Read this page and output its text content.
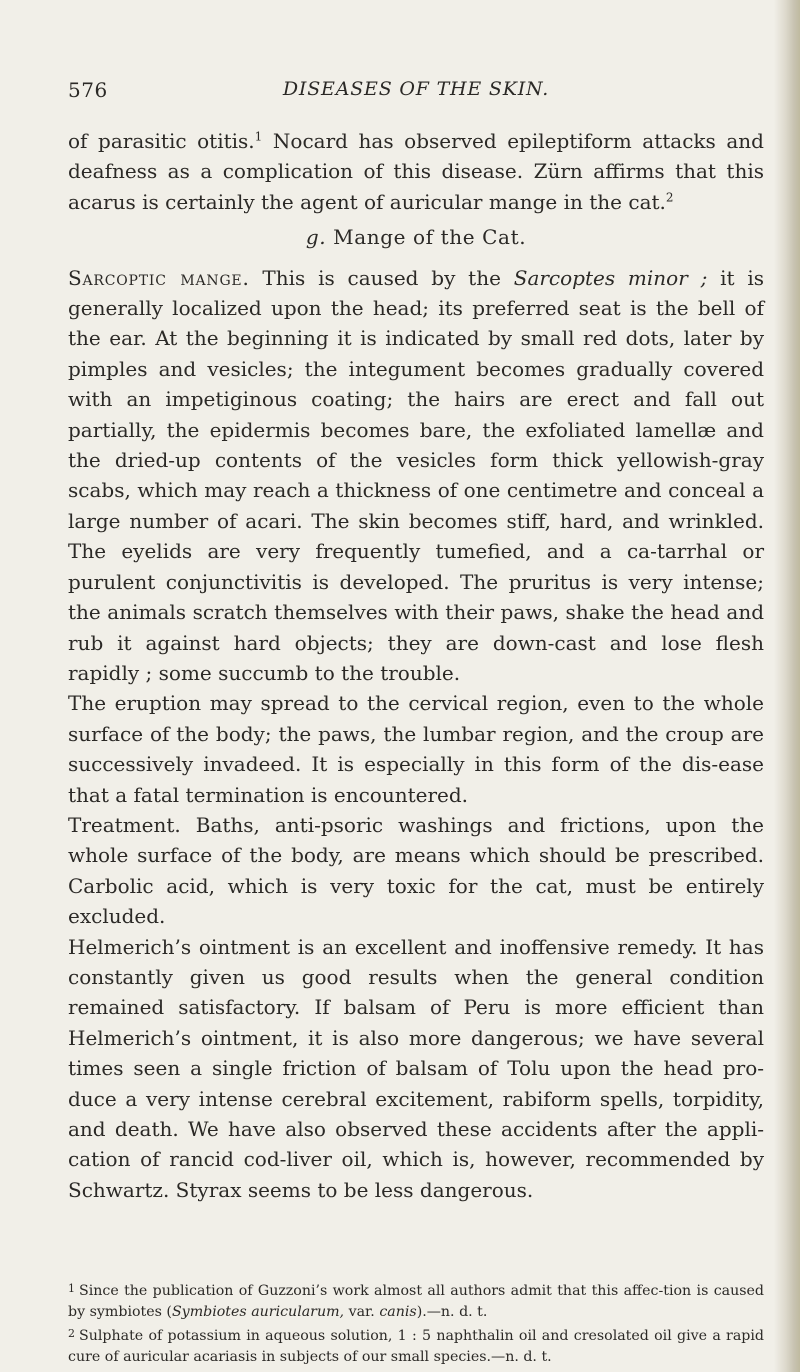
576	DISEASES OF THE SKIN.

of parasitic otitis.$^1$ Nocard has observed epileptiform attacks and deafness as a complication of this disease. Zürn affirms that this acarus is certainly the agent of auricular mange in the cat.$^2$

g. Mange of the Cat.

Sarcoptic mange. This is caused by the Sarcoptes minor ; it is generally localized upon the head; its preferred seat is the bell of the ear. At the beginning it is indicated by small red dots, later by pimples and vesicles; the integument becomes gradually covered with an impetiginous coating; the hairs are erect and fall out partially, the epidermis becomes bare, the exfoliated lamellæ and the dried-up contents of the vesicles form thick yellowish-gray scabs, which may reach a thickness of one centimetre and conceal a large number of acari. The skin becomes stiff, hard, and wrinkled. The eyelids are very frequently tumefied, and a ca-tarrhal or purulent conjunctivitis is developed. The pruritus is very intense; the animals scratch themselves with their paws, shake the head and rub it against hard objects; they are down-cast and lose flesh rapidly ; some succumb to the trouble.

The eruption may spread to the cervical region, even to the whole surface of the body; the paws, the lumbar region, and the croup are successively invadeed. It is especially in this form of the dis-ease that a fatal termination is encountered.

Treatment. Baths, anti-psoric washings and frictions, upon the whole surface of the body, are means which should be prescribed. Carbolic acid, which is very toxic for the cat, must be entirely excluded.

Helmerich’s ointment is an excellent and inoffensive remedy. It has constantly given us good results when the general condition remained satisfactory. If balsam of Peru is more efficient than Helmerich’s ointment, it is also more dangerous; we have several times seen a single friction of balsam of Tolu upon the head pro-duce a very intense cerebral excitement, rabiform spells, torpidity, and death. We have also observed these accidents after the appli-cation of rancid cod-liver oil, which is, however, recommended by Schwartz. Styrax seems to be less dangerous.

$^1$ Since the publication of Guzzoni’s work almost all authors admit that this affec-tion is caused by symbiotes (Symbiotes auricularum, var. canis).—n. d. t.

$^2$ Sulphate of potassium in aqueous solution, 1 : 5 naphthalin oil and cresolated oil give a rapid cure of auricular acariasis in subjects of our small species.—n. d. t.
